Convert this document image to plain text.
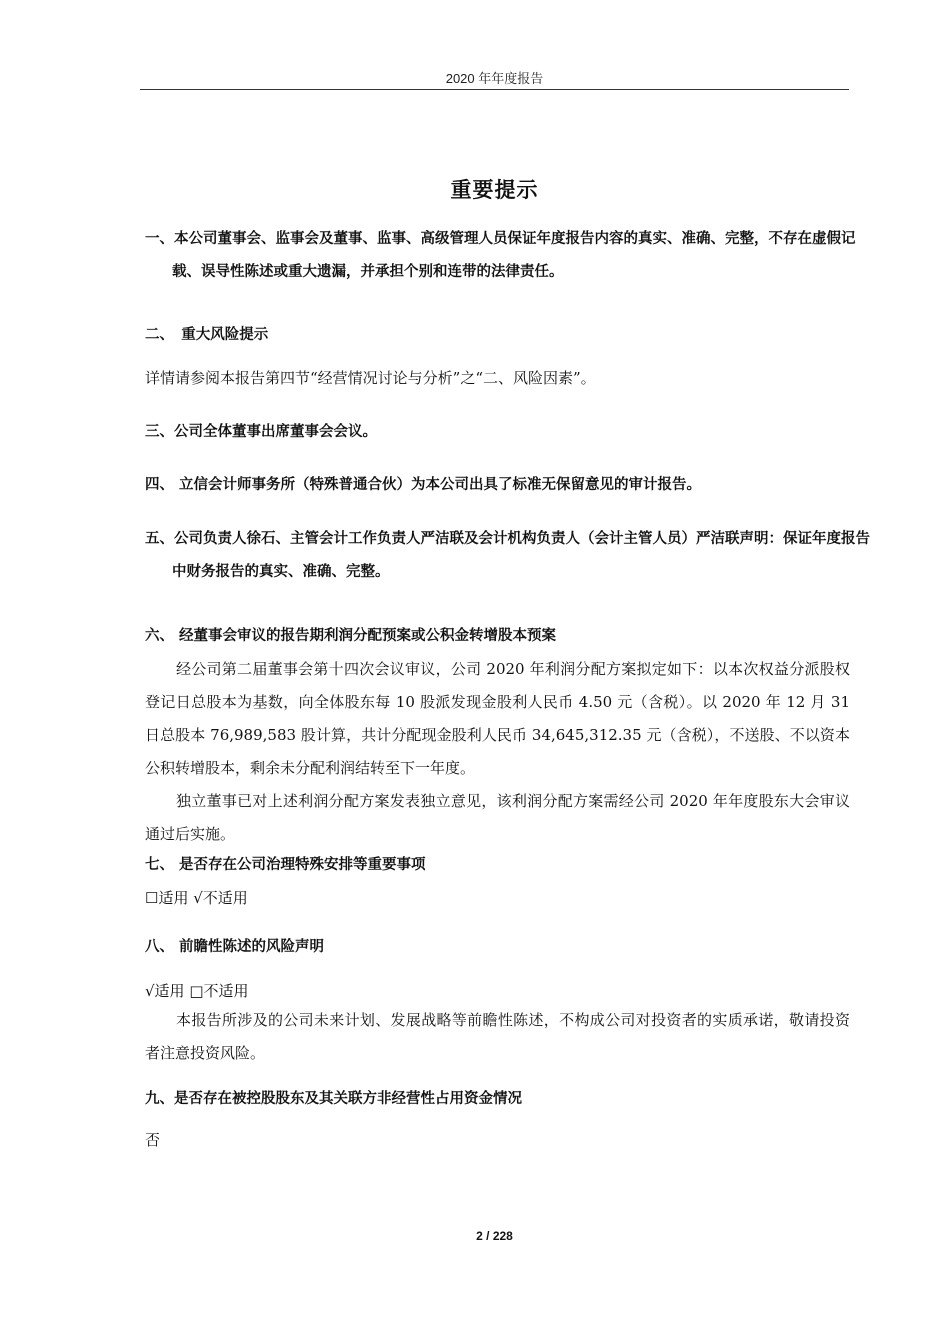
2020 年年度报告
重要提示

一、本公司董事会、监事会及董事、监事、高级管理人员保证年度报告内容的真实、准确、完整，不存在虚假记载、误导性陈述或重大遗漏，并承担个别和连带的法律责任。

二、　重大风险提示

详情请参阅本报告第四节“经营情况讨论与分析”之“二、风险因素”。

三、公司全体董事出席董事会会议。

四、 立信会计师事务所（特殊普通合伙）为本公司出具了标准无保留意见的审计报告。

五、公司负责人徐石、主管会计工作负责人严洁联及会计机构负责人（会计主管人员）严洁联声明：保证年度报告中财务报告的真实、准确、完整。

六、 经董事会审议的报告期利润分配预案或公积金转增股本预案

经公司第二届董事会第十四次会议审议，公司 2020 年利润分配方案拟定如下：以本次权益分派股权登记日总股本为基数，向全体股东每 10 股派发现金股利人民币 4.50 元（含税）。以 2020 年 12 月 31 日总股本 76,989,583 股计算，共计分配现金股利人民币 34,645,312.35 元（含税），不送股、不以资本公积转增股本，剩余未分配利润结转至下一年度。

独立董事已对上述利润分配方案发表独立意见，该利润分配方案需经公司 2020 年年度股东大会审议通过后实施。

七、 是否存在公司治理特殊安排等重要事项

☐适用 √不适用

八、 前瞻性陈述的风险声明

√适用 □不适用

本报告所涉及的公司未来计划、发展战略等前瞻性陈述，不构成公司对投资者的实质承诺，敬请投资者注意投资风险。

九、是否存在被控股股东及其关联方非经营性占用资金情况

否

2 / 228
